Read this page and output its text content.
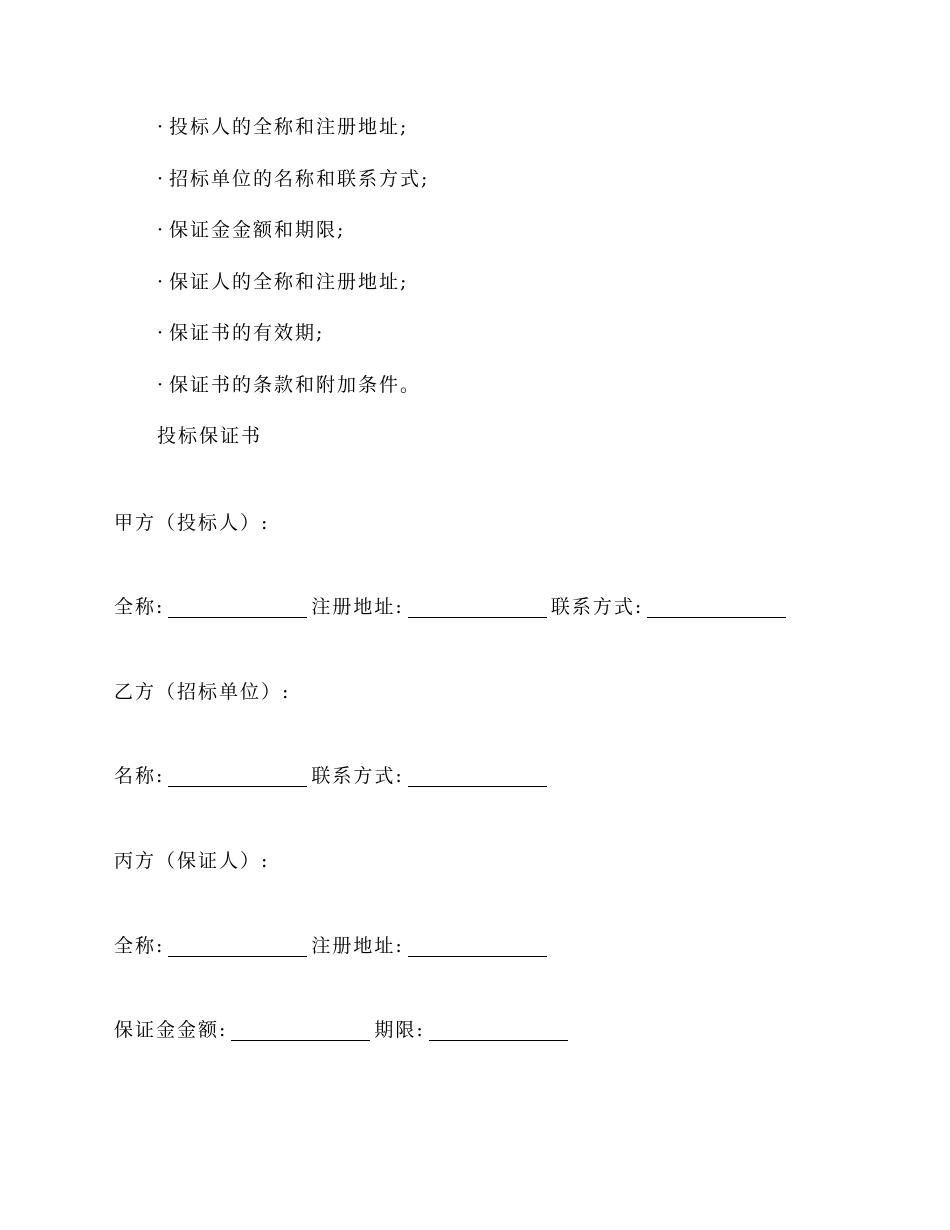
· 投标人的全称和注册地址;
· 招标单位的名称和联系方式;
· 保证金金额和期限;
· 保证人的全称和注册地址;
· 保证书的有效期;
· 保证书的条款和附加条件。
投标保证书
甲方（投标人）:
全称:	注册地址:	联系方式:
乙方（招标单位）:
名称:	联系方式:
丙方（保证人）:
全称:	注册地址:
保证金金额:	期限:
